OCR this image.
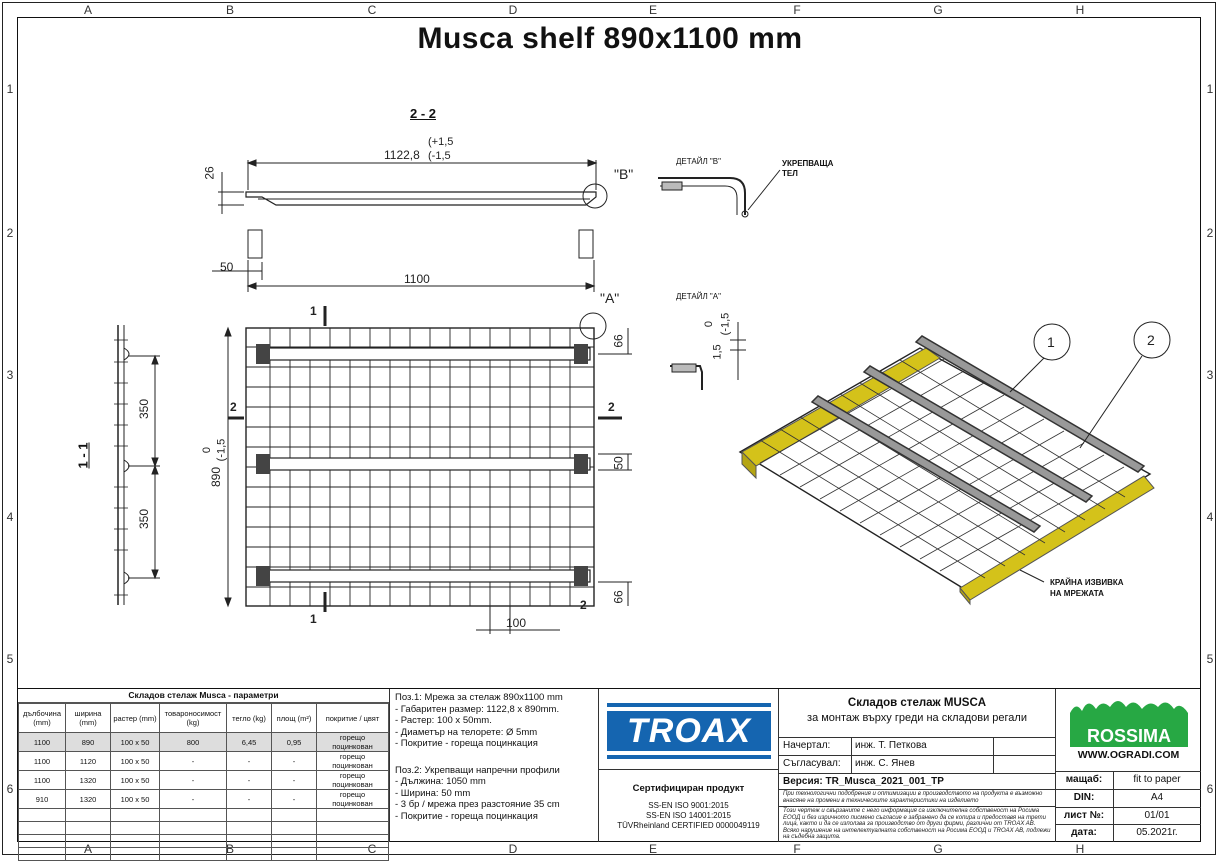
A	B	C	D	E	F	G	H
A	B	C	D	E	F	G	H
1
2
3
4
5
6
1
2
3
4
5
6
Musca shelf 890x1100 mm
2 - 2
1122,8
(+1,5
(-1,5
26	"B"
50
1100
"A"
ДЕТАЙЛ "В"	УКРЕПВАЩА
ТЕЛ
ДЕТАЙЛ "А"
0 (-1,5
1,5
66
50
66
350
350
1 - 1
890
0 (-1,5
100
1
1
2	2
2
1	2
КРАЙНА ИЗВИВКА
НА МРЕЖАТА
Складов стелаж Musca - параметри
дълбочина (mm)	ширина (mm)	растер (mm)	товароносимост (kg)	тегло (kg)	площ (m²)	покритие / цвят
1100	890	100 x 50	800	6,45	0,95	горещо поцинкован
1100	1120	100 x 50	-	-	-	горещо поцинкован
1100	1320	100 x 50	-	-	-	горещо поцинкован
910	1320	100 x 50	-	-	-	горещо поцинкован

Поз.1: Мрежа за стелаж 890x1100 mm
- Габаритен размер: 1122,8 x 890mm.
- Растер: 100 x 50mm.
- Диаметър на телоретe: Ø 5mm
- Покритие - гореща поцинкация
Поз.2: Укрепващи напречни профили
- Дължина: 1050 mm
- Ширина: 50 mm
- 3 бр / мрежа през разстояние 35 cm
- Покритие - гореща поцинкация
TROAX
Сертифициран продукт
SS-EN ISO 9001:2015
SS-EN ISO 14001:2015
TÜVRheinland CERTIFIED 0000049119
Складов стелаж MUSCA
за монтаж върху греди на складови регали
Начертал: инж. Т. Петкова
Съгласувал: инж. С. Янев
Версия: TR_Musca_2021_001_TP
При технологични подобрения и оптимизации в производството на продукта е възможно внасяне на промени в техническите характеристики на изделието
Този чертеж и свързаните с него информация са изключителна собственост на Росима ЕООД и без изричното писмено съгласие е забранено да се копира и предоставя на трети лица, както и да се използва за производство от други фирми, различни от TROAX AB. Всяко нарушение на интелектуалната собственост на Росима ЕООД и TROAX AB, подлежи на съдебна защита.
ROSSIMA
WWW.OGRADI.COM
мащаб:	fit to paper
DIN:	A4
лист №:	01/01
дата:	05.2021г.
